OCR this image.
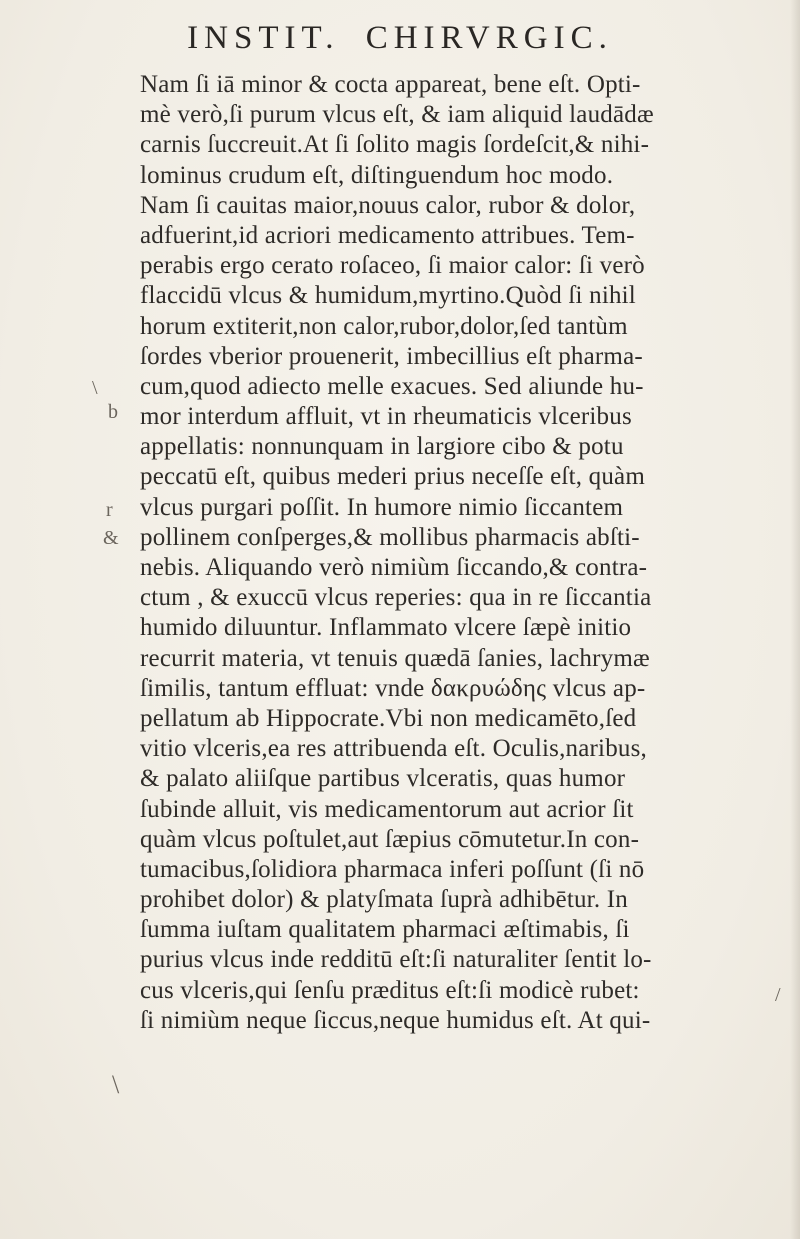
INSTIT. CHIRVRGIC.
Nam ſi iā minor & cocta appareat, bene eſt. Opti-
mè verò,ſi purum vlcus eſt, & iam aliquid laudādæ
carnis ſuccreuit.At ſi ſolito magis ſordeſcit,& nihi-
lominus crudum eſt, diſtinguendum hoc modo.
Nam ſi cauitas maior,nouus calor, rubor & dolor,
adfuerint,id acriori medicamento attribues. Tem-
perabis ergo cerato roſaceo, ſi maior calor: ſi verò
flaccidū vlcus & humidum,myrtino.Quòd ſi nihil
horum extiterit,non calor,rubor,dolor,ſed tantùm
ſordes vberior prouenerit, imbecillius eſt pharma-
cum,quod adiecto melle exacues. Sed aliunde hu-
mor interdum affluit, vt in rheumaticis vlceribus
appellatis: nonnunquam in largiore cibo & potu
peccatū eſt, quibus mederi prius neceſſe eſt, quàm
vlcus purgari poſſit. In humore nimio ſiccantem
pollinem conſperges,& mollibus pharmacis abſti-
nebis. Aliquando verò nimiùm ſiccando,& contra-
ctum , & exuccū vlcus reperies: qua in re ſiccantia
humido diluuntur. Inflammato vlcere ſæpè initio
recurrit materia, vt tenuis quædā ſanies, lachrymæ
ſimilis, tantum effluat: vnde δακρυώδης vlcus ap-
pellatum ab Hippocrate.Vbi non medicamēto,ſed
vitio vlceris,ea res attribuenda eſt. Oculis,naribus,
& palato aliiſque partibus vlceratis, quas humor
ſubinde alluit, vis medicamentorum aut acrior ſit
quàm vlcus poſtulet,aut ſæpius cōmutetur.In con-
tumacibus,ſolidiora pharmaca inferi poſſunt (ſi nō
prohibet dolor) & platyſmata ſuprà adhibētur. In
ſumma iuſtam qualitatem pharmaci æſtimabis, ſi
purius vlcus inde redditū eſt:ſi naturaliter ſentit lo-
cus vlceris,qui ſenſu præditus eſt:ſi modicè rubet:
ſi nimiùm neque ſiccus,neque humidus eſt. At qui-
\
b
r
&
\
/
